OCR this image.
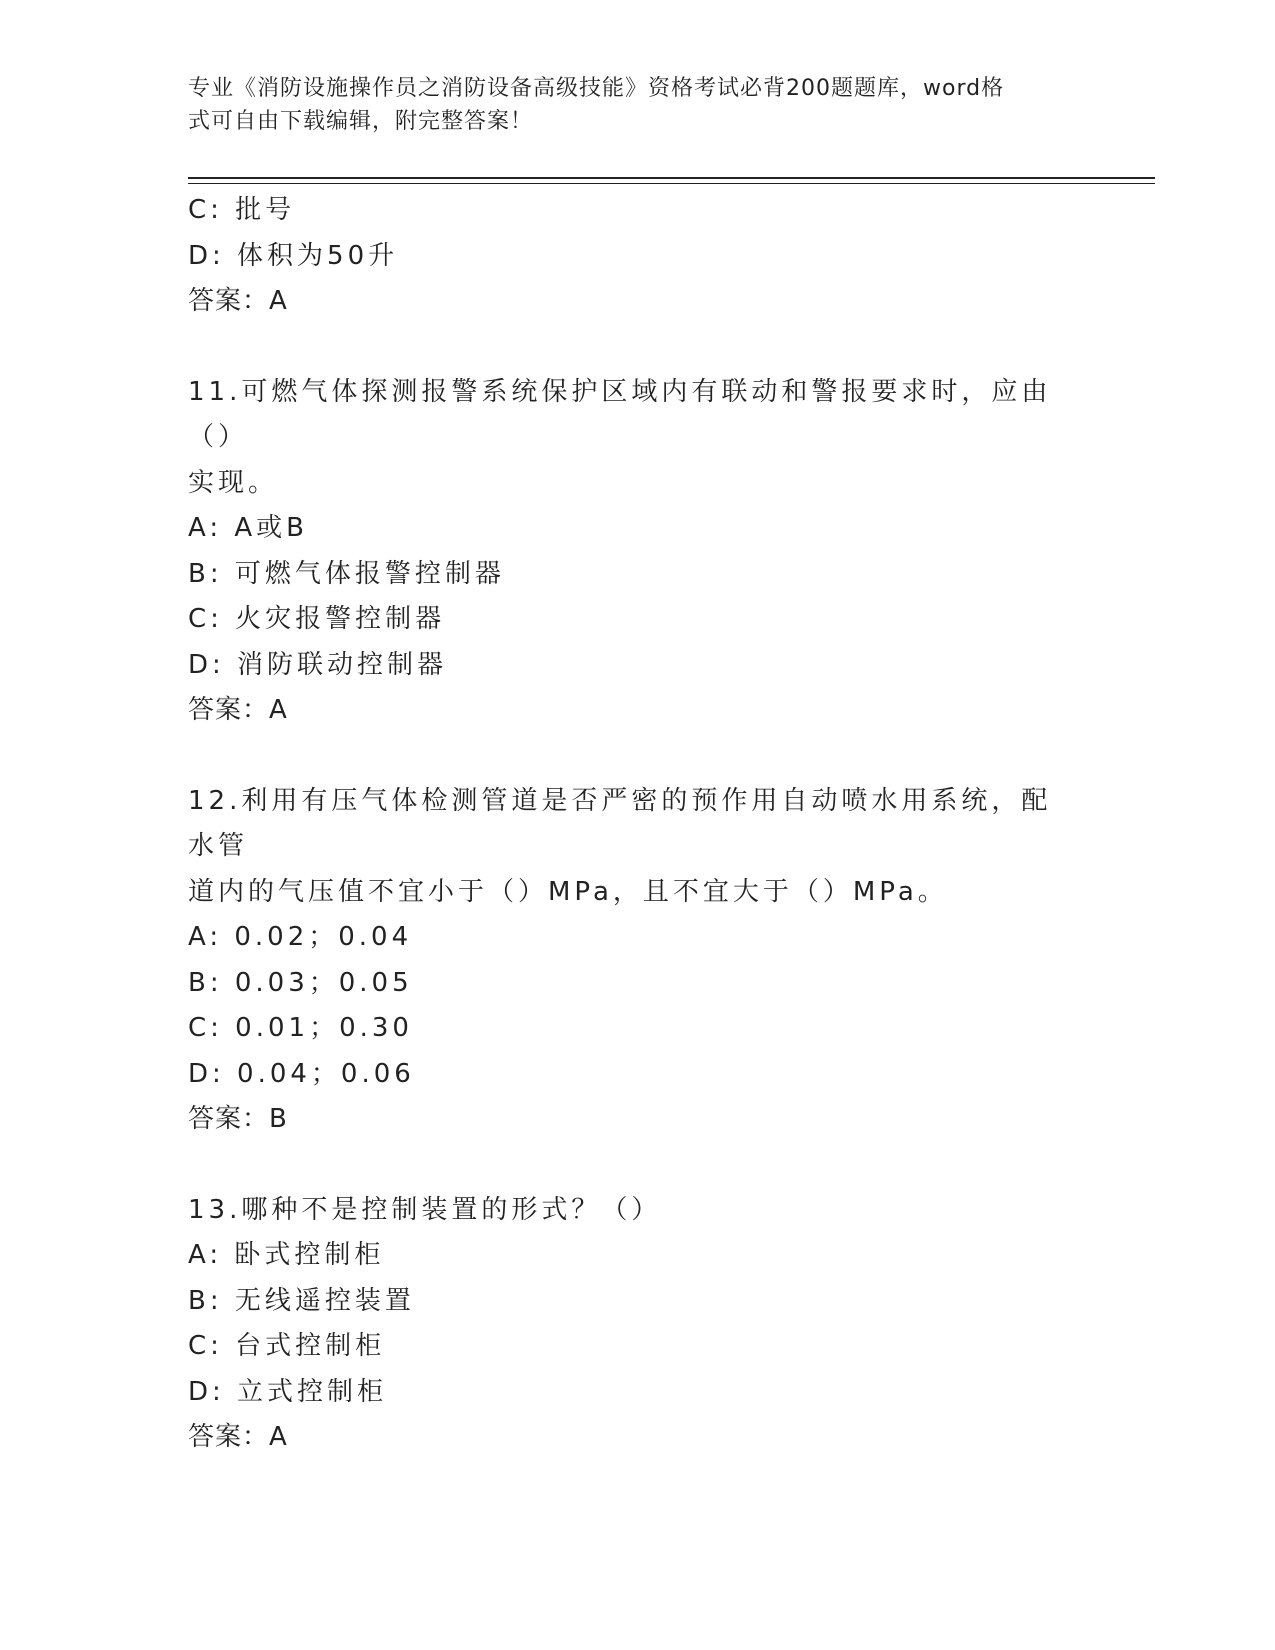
专业《消防设施操作员之消防设备高级技能》资格考试必背200题题库，word格
式可自由下载编辑，附完整答案！
C: 批号
D: 体积为50升
答案：A
11.可燃气体探测报警系统保护区域内有联动和警报要求时，应由（）
实现。
A: A或B
B: 可燃气体报警控制器
C: 火灾报警控制器
D: 消防联动控制器
答案：A
12.利用有压气体检测管道是否严密的预作用自动喷水用系统，配水管
道内的气压值不宜小于（）MPa，且不宜大于（）MPa。
A: 0.02；0.04
B: 0.03；0.05
C: 0.01；0.30
D: 0.04；0.06
答案：B
13.哪种不是控制装置的形式？（）
A: 卧式控制柜
B: 无线遥控装置
C: 台式控制柜
D: 立式控制柜
答案：A
